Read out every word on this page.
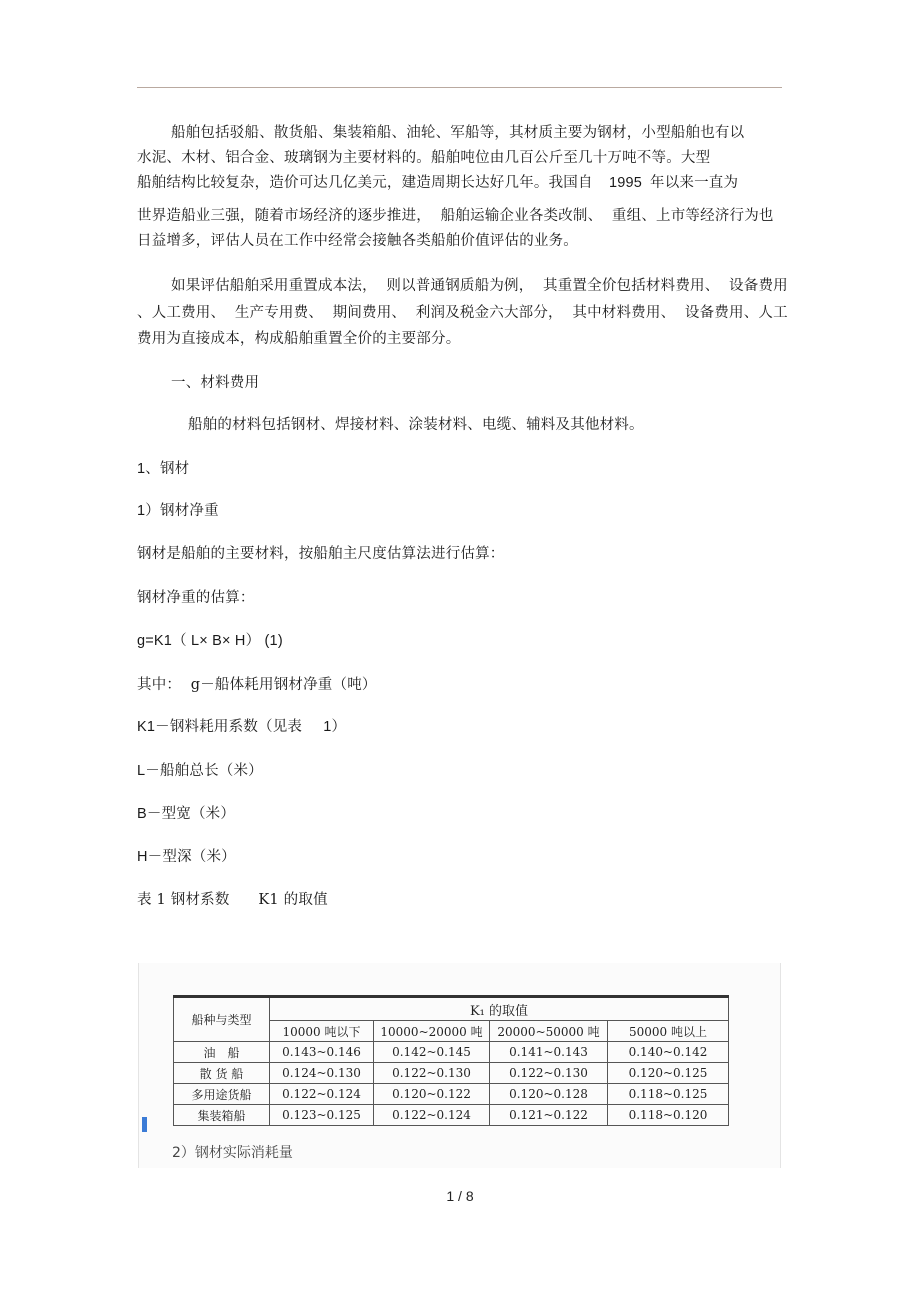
船舶包括驳船、散货船、集装箱船、油轮、军船等，其材质主要为钢材，小型船舶也有以
水泥、木材、铝合金、玻璃钢为主要材料的。船舶吨位由几百公斤至几十万吨不等。大型
船舶结构比较复杂，造价可达几亿美元，建造周期长达好几年。我国自 1995 年以来一直为
世界造船业三强，随着市场经济的逐步推进，  船舶运输企业各类改制、  重组、上市等经济行为也
日益增多，评估人员在工作中经常会接触各类船舶价值评估的业务。
如果评估船舶采用重置成本法，  则以普通钢质船为例，  其重置全价包括材料费用、  设备费用
、人工费用、  生产专用费、  期间费用、  利润及税金六大部分，  其中材料费用、  设备费用、人工
费用为直接成本，构成船舶重置全价的主要部分。
一、材料费用
船舶的材料包括钢材、焊接材料、涂装材料、电缆、辅料及其他材料。
1、钢材
1）钢材净重
钢材是船舶的主要材料，按船舶主尺度估算法进行估算：
钢材净重的估算：
g=K1（ L× B× H） (1)
其中：  g－船体耗用钢材净重（吨）
K1－钢料耗用系数（见表     1）
L－船舶总长（米）
B－型宽（米）
H－型深（米）
表 1 钢材系数      K1 的取值
船种与类型	K₁ 的取值			
	10000 吨以下	10000~20000 吨	20000~50000 吨	50000 吨以上
油　船	0.143~0.146	0.142~0.145	0.141~0.143	0.140~0.142
散 货 船	0.124~0.130	0.122~0.130	0.122~0.130	0.120~0.125
多用途货船	0.122~0.124	0.120~0.122	0.120~0.128	0.118~0.125
集装箱船	0.123~0.125	0.122~0.124	0.121~0.122	0.118~0.120
2）钢材实际消耗量
1 / 8
